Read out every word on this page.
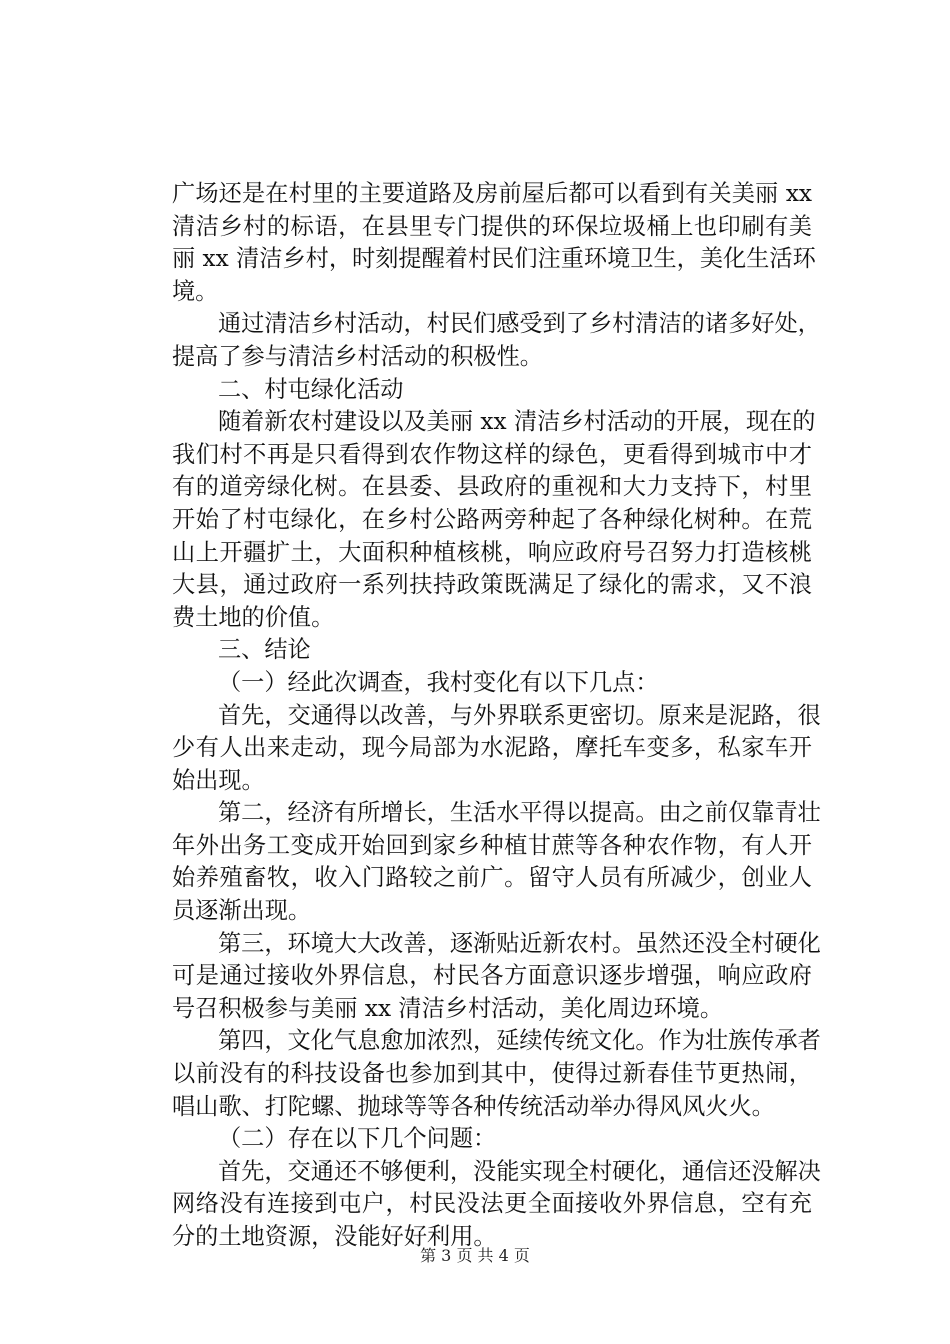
广场还是在村里的主要道路及房前屋后都可以看到有关美丽 xx
清洁乡村的标语，在县里专门提供的环保垃圾桶上也印刷有美
丽 xx 清洁乡村，时刻提醒着村民们注重环境卫生，美化生活环
境。
通过清洁乡村活动，村民们感受到了乡村清洁的诸多好处，
提高了参与清洁乡村活动的积极性。
二、村屯绿化活动
随着新农村建设以及美丽 xx 清洁乡村活动的开展，现在的
我们村不再是只看得到农作物这样的绿色，更看得到城市中才
有的道旁绿化树。在县委、县政府的重视和大力支持下，村里
开始了村屯绿化，在乡村公路两旁种起了各种绿化树种。在荒
山上开疆扩土，大面积种植核桃，响应政府号召努力打造核桃
大县，通过政府一系列扶持政策既满足了绿化的需求，又不浪
费土地的价值。
三、结论
（一）经此次调查，我村变化有以下几点：
首先，交通得以改善，与外界联系更密切。原来是泥路，很
少有人出来走动，现今局部为水泥路，摩托车变多，私家车开
始出现。
第二，经济有所增长，生活水平得以提高。由之前仅靠青壮
年外出务工变成开始回到家乡种植甘蔗等各种农作物，有人开
始养殖畜牧，收入门路较之前广。留守人员有所减少，创业人
员逐渐出现。
第三，环境大大改善，逐渐贴近新农村。虽然还没全村硬化
可是通过接收外界信息，村民各方面意识逐步增强，响应政府
号召积极参与美丽 xx 清洁乡村活动，美化周边环境。
第四，文化气息愈加浓烈，延续传统文化。作为壮族传承者
以前没有的科技设备也参加到其中，使得过新春佳节更热闹，
唱山歌、打陀螺、抛球等等各种传统活动举办得风风火火。
（二）存在以下几个问题：
首先，交通还不够便利，没能实现全村硬化，通信还没解决
网络没有连接到屯户，村民没法更全面接收外界信息，空有充
分的土地资源，没能好好利用。
第 3 页 共 4 页
